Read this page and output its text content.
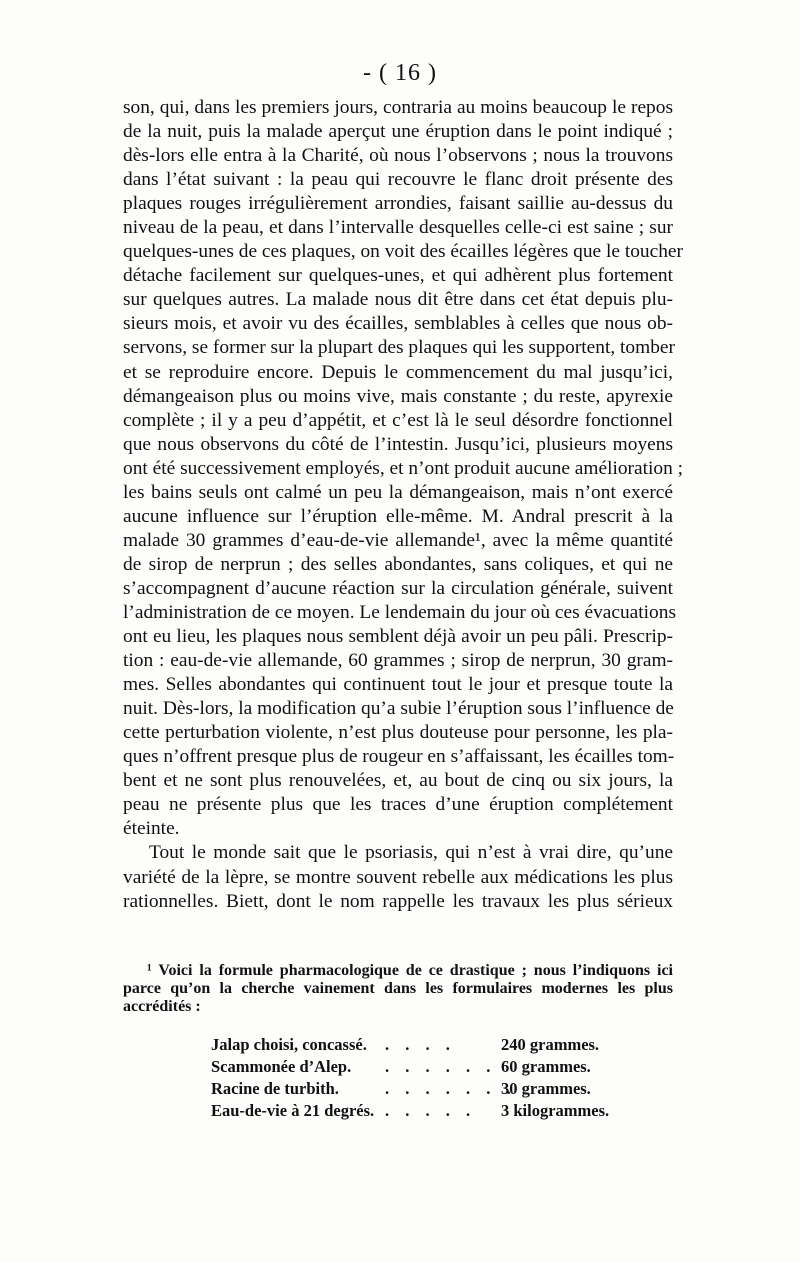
- ( 16 )
son, qui, dans les premiers jours, contraria au moins beaucoup le repos
de la nuit, puis la malade aperçut une éruption dans le point indiqué ;
dès-lors elle entra à la Charité, où nous l’observons ; nous la trouvons
dans l’état suivant : la peau qui recouvre le flanc droit présente des
plaques rouges irrégulièrement arrondies, faisant saillie au-dessus du
niveau de la peau, et dans l’intervalle desquelles celle-ci est saine ; sur
quelques-unes de ces plaques, on voit des écailles légères que le toucher
détache facilement sur quelques-unes, et qui adhèrent plus fortement
sur quelques autres. La malade nous dit être dans cet état depuis plu-
sieurs mois, et avoir vu des écailles, semblables à celles que nous ob-
servons, se former sur la plupart des plaques qui les supportent, tomber
et se reproduire encore. Depuis le commencement du mal jusqu’ici,
démangeaison plus ou moins vive, mais constante ; du reste, apyrexie
complète ; il y a peu d’appétit, et c’est là le seul désordre fonctionnel
que nous observons du côté de l’intestin. Jusqu’ici, plusieurs moyens
ont été successivement employés, et n’ont produit aucune amélioration ;
les bains seuls ont calmé un peu la démangeaison, mais n’ont exercé
aucune influence sur l’éruption elle-même. M. Andral prescrit à la
malade 30 grammes d’eau-de-vie allemande¹, avec la même quantité
de sirop de nerprun ; des selles abondantes, sans coliques, et qui ne
s’accompagnent d’aucune réaction sur la circulation générale, suivent
l’administration de ce moyen. Le lendemain du jour où ces évacuations
ont eu lieu, les plaques nous semblent déjà avoir un peu pâli. Prescrip-
tion : eau-de-vie allemande, 60 grammes ; sirop de nerprun, 30 gram-
mes. Selles abondantes qui continuent tout le jour et presque toute la
nuit. Dès-lors, la modification qu’a subie l’éruption sous l’influence de
cette perturbation violente, n’est plus douteuse pour personne, les pla-
ques n’offrent presque plus de rougeur en s’affaissant, les écailles tom-
bent et ne sont plus renouvelées, et, au bout de cinq ou six jours, la
peau ne présente plus que les traces d’une éruption complétement
éteinte.
Tout le monde sait que le psoriasis, qui n’est à vrai dire, qu’une
variété de la lèpre, se montre souvent rebelle aux médications les plus
rationnelles. Biett, dont le nom rappelle les travaux les plus sérieux
¹ Voici la formule pharmacologique de ce drastique ; nous l’indiquons ici
parce qu’on la cherche vainement dans les formulaires modernes les plus
accrédités :
Jalap choisi, concassé. . . . .	240 grammes.
Scammonée d’Alep. . . . . . . 60 grammes.
Racine de turbith.	. . . . . . .
30 grammes.
Eau-de-vie à 21 degrés. . . . . . 3 kilogrammes.
